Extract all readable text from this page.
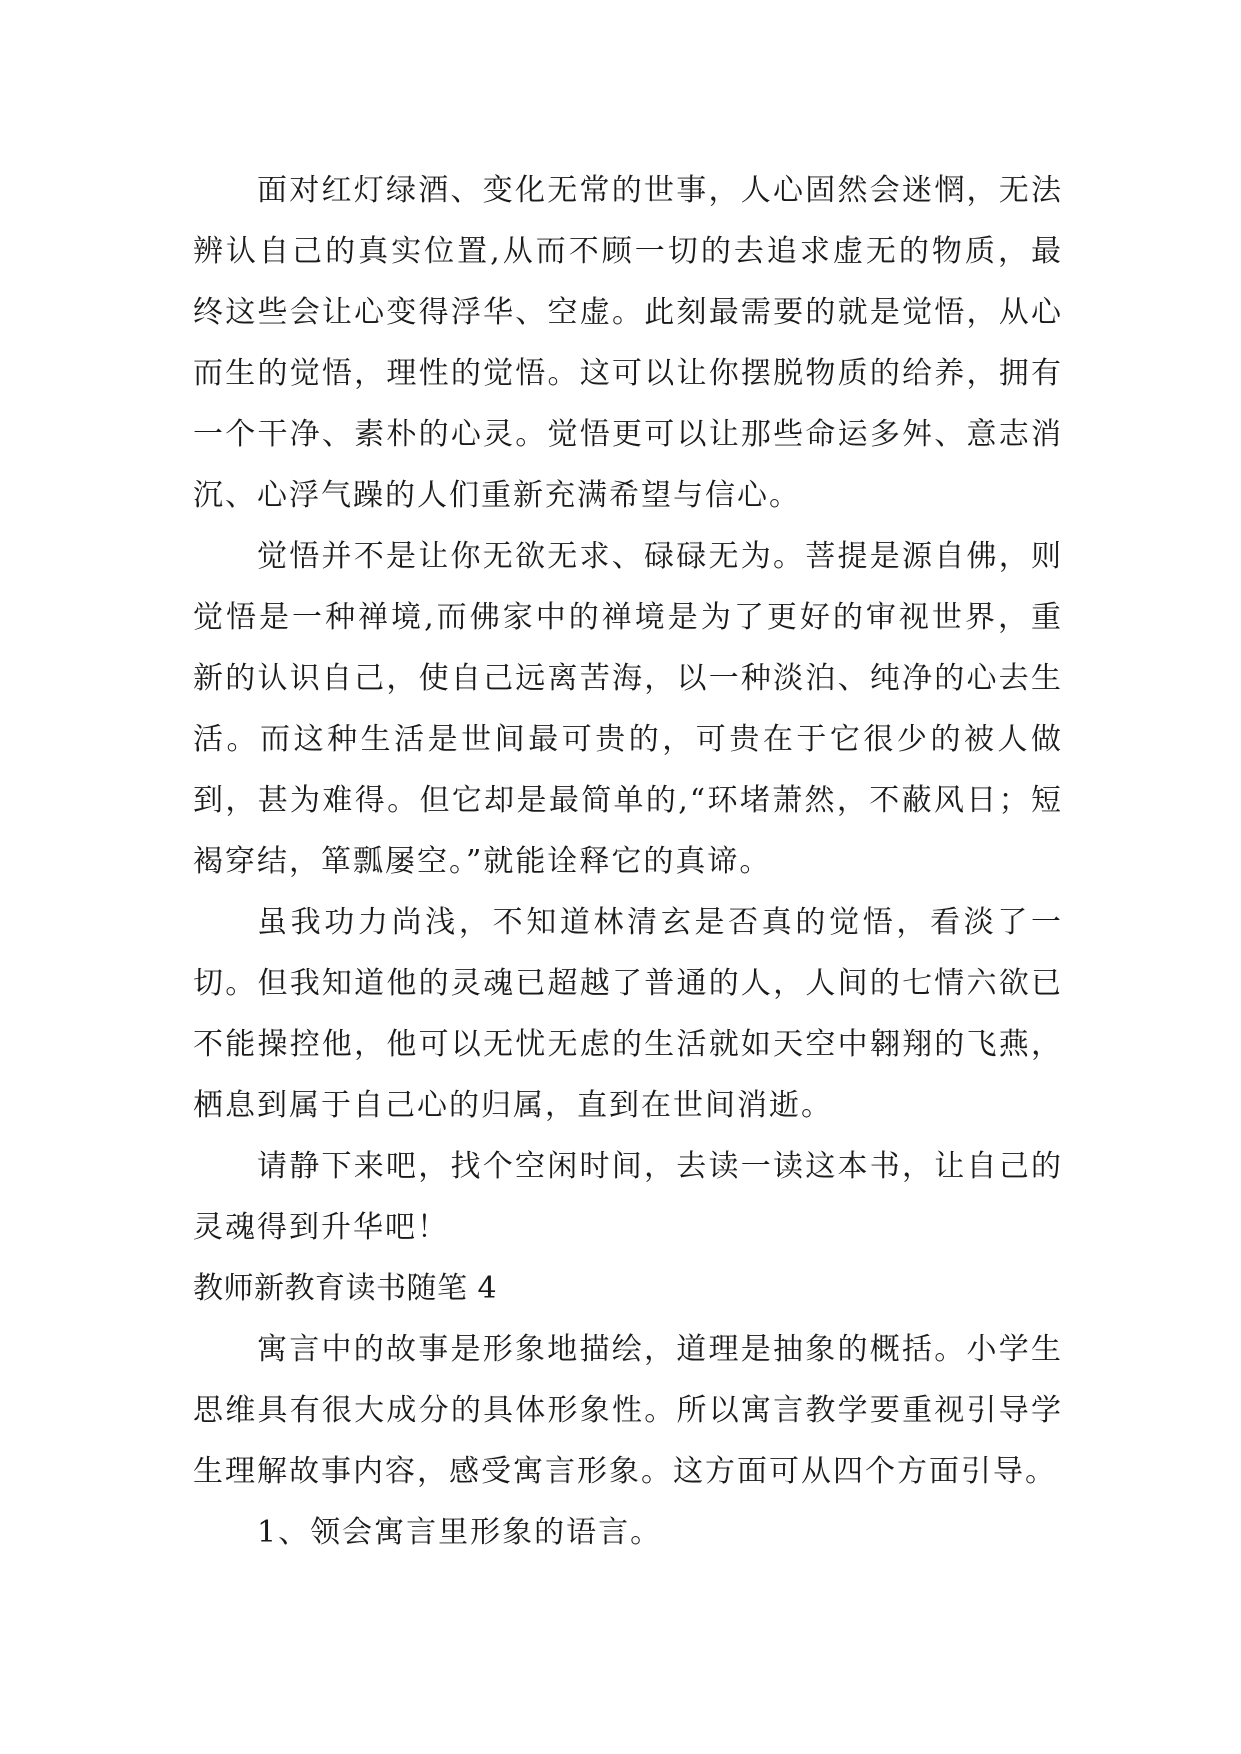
面对红灯绿酒、变化无常的世事，人心固然会迷惘，无法辨认自己的真实位置,从而不顾一切的去追求虚无的物质，最终这些会让心变得浮华、空虚。此刻最需要的就是觉悟，从心而生的觉悟，理性的觉悟。这可以让你摆脱物质的给养，拥有一个干净、素朴的心灵。觉悟更可以让那些命运多舛、意志消沉、心浮气躁的人们重新充满希望与信心。

觉悟并不是让你无欲无求、碌碌无为。菩提是源自佛，则觉悟是一种禅境,而佛家中的禅境是为了更好的审视世界，重新的认识自己，使自己远离苦海，以一种淡泊、纯净的心去生活。而这种生活是世间最可贵的，可贵在于它很少的被人做到，甚为难得。但它却是最简单的,“环堵萧然，不蔽风日；短褐穿结，箪瓢屡空。”就能诠释它的真谛。

虽我功力尚浅，不知道林清玄是否真的觉悟，看淡了一切。但我知道他的灵魂已超越了普通的人，人间的七情六欲已不能操控他，他可以无忧无虑的生活就如天空中翱翔的飞燕，栖息到属于自己心的归属，直到在世间消逝。

请静下来吧，找个空闲时间，去读一读这本书，让自己的灵魂得到升华吧！

教师新教育读书随笔 4

寓言中的故事是形象地描绘，道理是抽象的概括。小学生思维具有很大成分的具体形象性。所以寓言教学要重视引导学生理解故事内容，感受寓言形象。这方面可从四个方面引导。

1、领会寓言里形象的语言。
